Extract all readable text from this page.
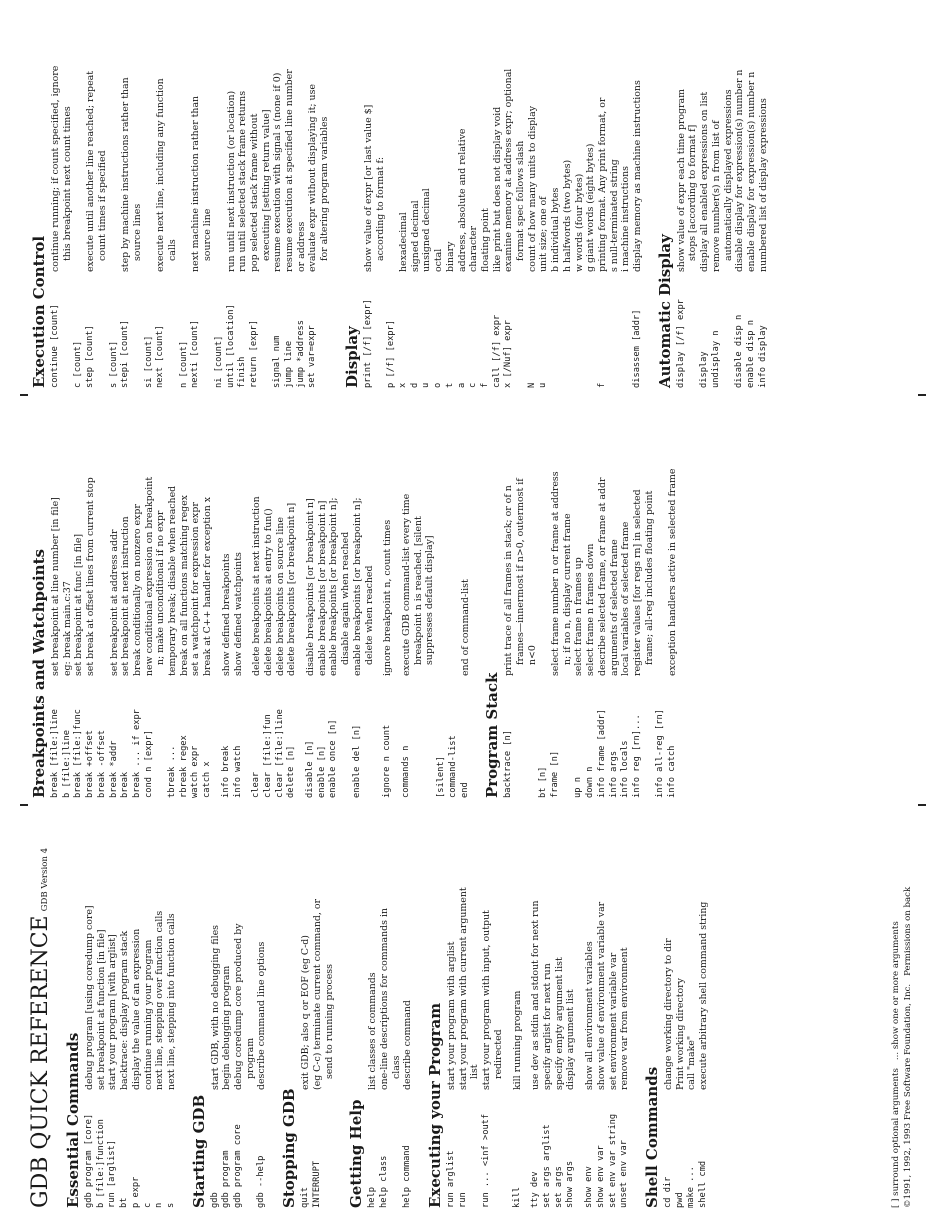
GDB QUICK REFERENCEGDB Version 4
Essential Commands gdb program [core]
debug program [using coredump core]
b [file:]function
set breakpoint at function [in file]
run [arglist]
start your program [with arglist]
bt
backtrace: display program stack
p expr
display the value of an expression
c
continue running your program
n
next line, stepping over function calls
s
next line, stepping into function calls
Starting GDB gdb
start GDB, with no debugging files
gdb program
begin debugging program
gdb program core
debug coredump core produced by program
gdb --help
describe command line options
Stopping GDB quit
exit GDB; also q or EOF (eg C-d)
INTERRUPT
(eg C-c) terminate current command, or send to running process
Getting Help help
list classes of commands
help class
one-line descriptions for commands in class
help command
describe command Executing your Program run arglist
start your program with arglist
run
start your program with current argument list
run ... <inf >outf
start your program with input, output redirected
kill
kill running program
tty dev
use dev as stdin and stdout for next run
set args arglist
specify arglist for next run
set args
specify empty argument list
show args
display argument list
show env
show all environment variables
show env var
show value of environment variable var
set env var string
set environment variable var
unset env var
remove var from environment
Shell Commands cd dir
change working directory to dir
pwd
Print working directory
make ...
call "make"
shell cmd
execute arbitrary shell command string
Breakpoints and Watchpoints break [file:]line
set breakpoint at line number [in file]
b [file:]line
eg: break main.c:37
break [file:]func
set breakpoint at func [in file]
break +offset
set break at offset lines from current stop
break -offset break *addr
set breakpoint at address addr
break
set breakpoint at next instruction
break ... if expr
break conditionally on nonzero expr
cond n [expr]
new conditional expression on breakpoint n; make unconditional if no expr
tbreak ...
temporary break; disable when reached
rbreak regex
break on all functions matching regex
watch expr
set a watchpoint for expression expr
catch x
break at C++ handler for exception x
info break
show defined breakpoints
info watch
show defined watchpoints
clear
delete breakpoints at next instruction
clear [file:]fun
delete breakpoints at entry to fun()
clear [file:]line
delete breakpoints on source line
delete [n]
delete breakpoints [or breakpoint n]
disable [n]
disable breakpoints [or breakpoint n]
enable [n]
enable breakpoints [or breakpoint n]
enable once [n]
enable breakpoints [or breakpoint n]; disable again when reached
enable del [n]
enable breakpoints [or breakpoint n]; delete when reached
ignore n count
ignore breakpoint n, count times
commands n
execute GDB command-list every time breakpoint n is reached. [silent suppresses default display]
[silent] command-list end
end of command-list
Program Stack backtrace [n]
print trace of all frames in stack; or of n frames—innermost if n>0, outermost if n<0
bt [n] frame [n]
select frame number n or frame at address n; if no n, display current frame
up n
select frame n frames up
down n
select frame n frames down
info frame [addr]
describe selected frame, or frame at addr
info args
arguments of selected frame
info locals
local variables of selected frame
info reg [rn]...
register values [for regs rn] in selected frame; all-reg includes floating point
info all-reg [rn] info catch
exception handlers active in selected frame
Execution Control continue [count]
continue running; if count specified, ignore this breakpoint next count times
c [count] step [count]
execute until another line reached; repeat count times if specified
s [count] stepi [count]
step by machine instructions rather than source lines
si [count] next [count]
execute next line, including any function calls
n [count] nexti [count]
next machine instruction rather than source line
ni [count] until [location]
run until next instruction (or location)
finish
run until selected stack frame returns
return [expr]
pop selected stack frame without executing [setting return value]
signal num
resume execution with signal s (none if 0)
jump line
resume execution at specified line number
jump *address
or address
set var=expr
evaluate expr without displaying it; use for altering program variables
Display print [/f] [expr]
show value of expr [or last value $] according to format f:
p [/f] [expr] x
hexadecimal
d
signed decimal
u
unsigned decimal
o
octal
t
binary
a
address, absolute and relative
c
character
f
floating point
call [/f] expr
like print but does not display void
x [/Nuf] expr
examine memory at address expr; optional format spec follows slash
N
count of how many units to display
u
unit size; one of b individual bytes h halfwords (two bytes) w words (four bytes) g giant words (eight bytes)
f
printing format. Any print format, or s null-terminated string i machine instructions
disassem [addr]
display memory as machine instructions
Automatic Display display [/f] expr
show value of expr each time program stops [according to format f]
display
display all enabled expressions on list
undisplay n
remove number(s) n from list of automatically displayed expressions
disable disp n
disable display for expression(s) number n
enable disp n
enable display for expression(s) number n
info display
numbered list of display expressions
[ ] surround optional arguments
... show one or more arguments ©1991, 1992, 1993 Free Software Foundation, Inc.
Permissions on back
